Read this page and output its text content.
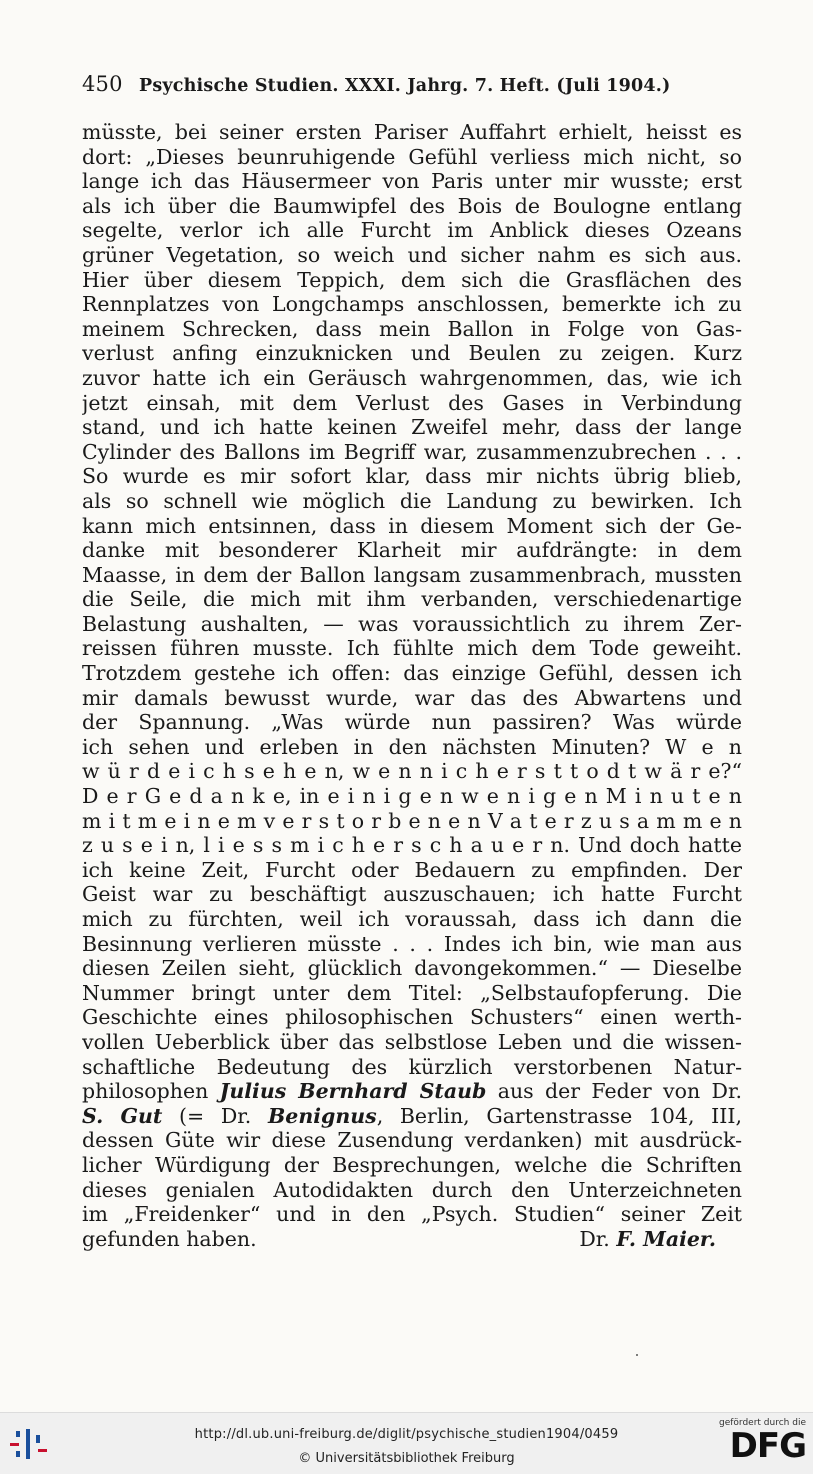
450 Psychische Studien. XXXI. Jahrg. 7. Heft. (Juli 1904.)
müsste, bei seiner ersten Pariser Auffahrt erhielt, heisst es
dort: „Dieses beunruhigende Gefühl verliess mich nicht, so
lange ich das Häusermeer von Paris unter mir wusste; erst
als ich über die Baumwipfel des Bois de Boulogne entlang
segelte, verlor ich alle Furcht im Anblick dieses Ozeans
grüner Vegetation, so weich und sicher nahm es sich aus.
Hier über diesem Teppich, dem sich die Grasflächen des
Rennplatzes von Longchamps anschlossen, bemerkte ich zu
meinem Schrecken, dass mein Ballon in Folge von Gas-
verlust anfing einzuknicken und Beulen zu zeigen. Kurz
zuvor hatte ich ein Geräusch wahrgenommen, das, wie ich
jetzt einsah, mit dem Verlust des Gases in Verbindung
stand, und ich hatte keinen Zweifel mehr, dass der lange
Cylinder des Ballons im Begriff war, zusammenzubrechen . . .
So wurde es mir sofort klar, dass mir nichts übrig blieb,
als so schnell wie möglich die Landung zu bewirken. Ich
kann mich entsinnen, dass in diesem Moment sich der Ge-
danke mit besonderer Klarheit mir aufdrängte: in dem
Maasse, in dem der Ballon langsam zusammenbrach, mussten
die Seile, die mich mit ihm verbanden, verschiedenartige
Belastung aushalten, — was voraussichtlich zu ihrem Zer-
reissen führen musste. Ich fühlte mich dem Tode geweiht.
Trotzdem gestehe ich offen: das einzige Gefühl, dessen ich
mir damals bewusst wurde, war das des Abwartens und
der Spannung. „Was würde nun passiren? Was würde
ich sehen und erleben in den nächsten Minuten? W e n
w ü r d e i c h s e h e n, w e n n i c h e r s t t o d t w ä r e?“
D e r G e d a n k e, in e i n i g e n w e n i g e n M i n u t e n
m i t m e i n e m v e r s t o r b e n e n V a t e r z u s a m m e n
z u s e i n, l i e s s m i c h e r s c h a u e r n. Und doch hatte
ich keine Zeit, Furcht oder Bedauern zu empfinden. Der
Geist war zu beschäftigt auszuschauen; ich hatte Furcht
mich zu fürchten, weil ich voraussah, dass ich dann die
Besinnung verlieren müsste . . . Indes ich bin, wie man aus
diesen Zeilen sieht, glücklich davongekommen.“ — Dieselbe
Nummer bringt unter dem Titel: „Selbstaufopferung. Die
Geschichte eines philosophischen Schusters“ einen werth-
vollen Ueberblick über das selbstlose Leben und die wissen-
schaftliche Bedeutung des kürzlich verstorbenen Natur-
philosophen Julius Bernhard Staub aus der Feder von Dr.
S. Gut (= Dr. Benignus, Berlin, Gartenstrasse 104, III,
dessen Güte wir diese Zusendung verdanken) mit ausdrück-
licher Würdigung der Besprechungen, welche die Schriften
dieses genialen Autodidakten durch den Unterzeichneten
im „Freidenker“ und in den „Psych. Studien“ seiner Zeit
gefunden haben.	Dr. F. Maier.
http://dl.ub.uni-freiburg.de/diglit/psychische_studien1904/0459
© Universitätsbibliothek Freiburg
gefördert durch die
DFG
